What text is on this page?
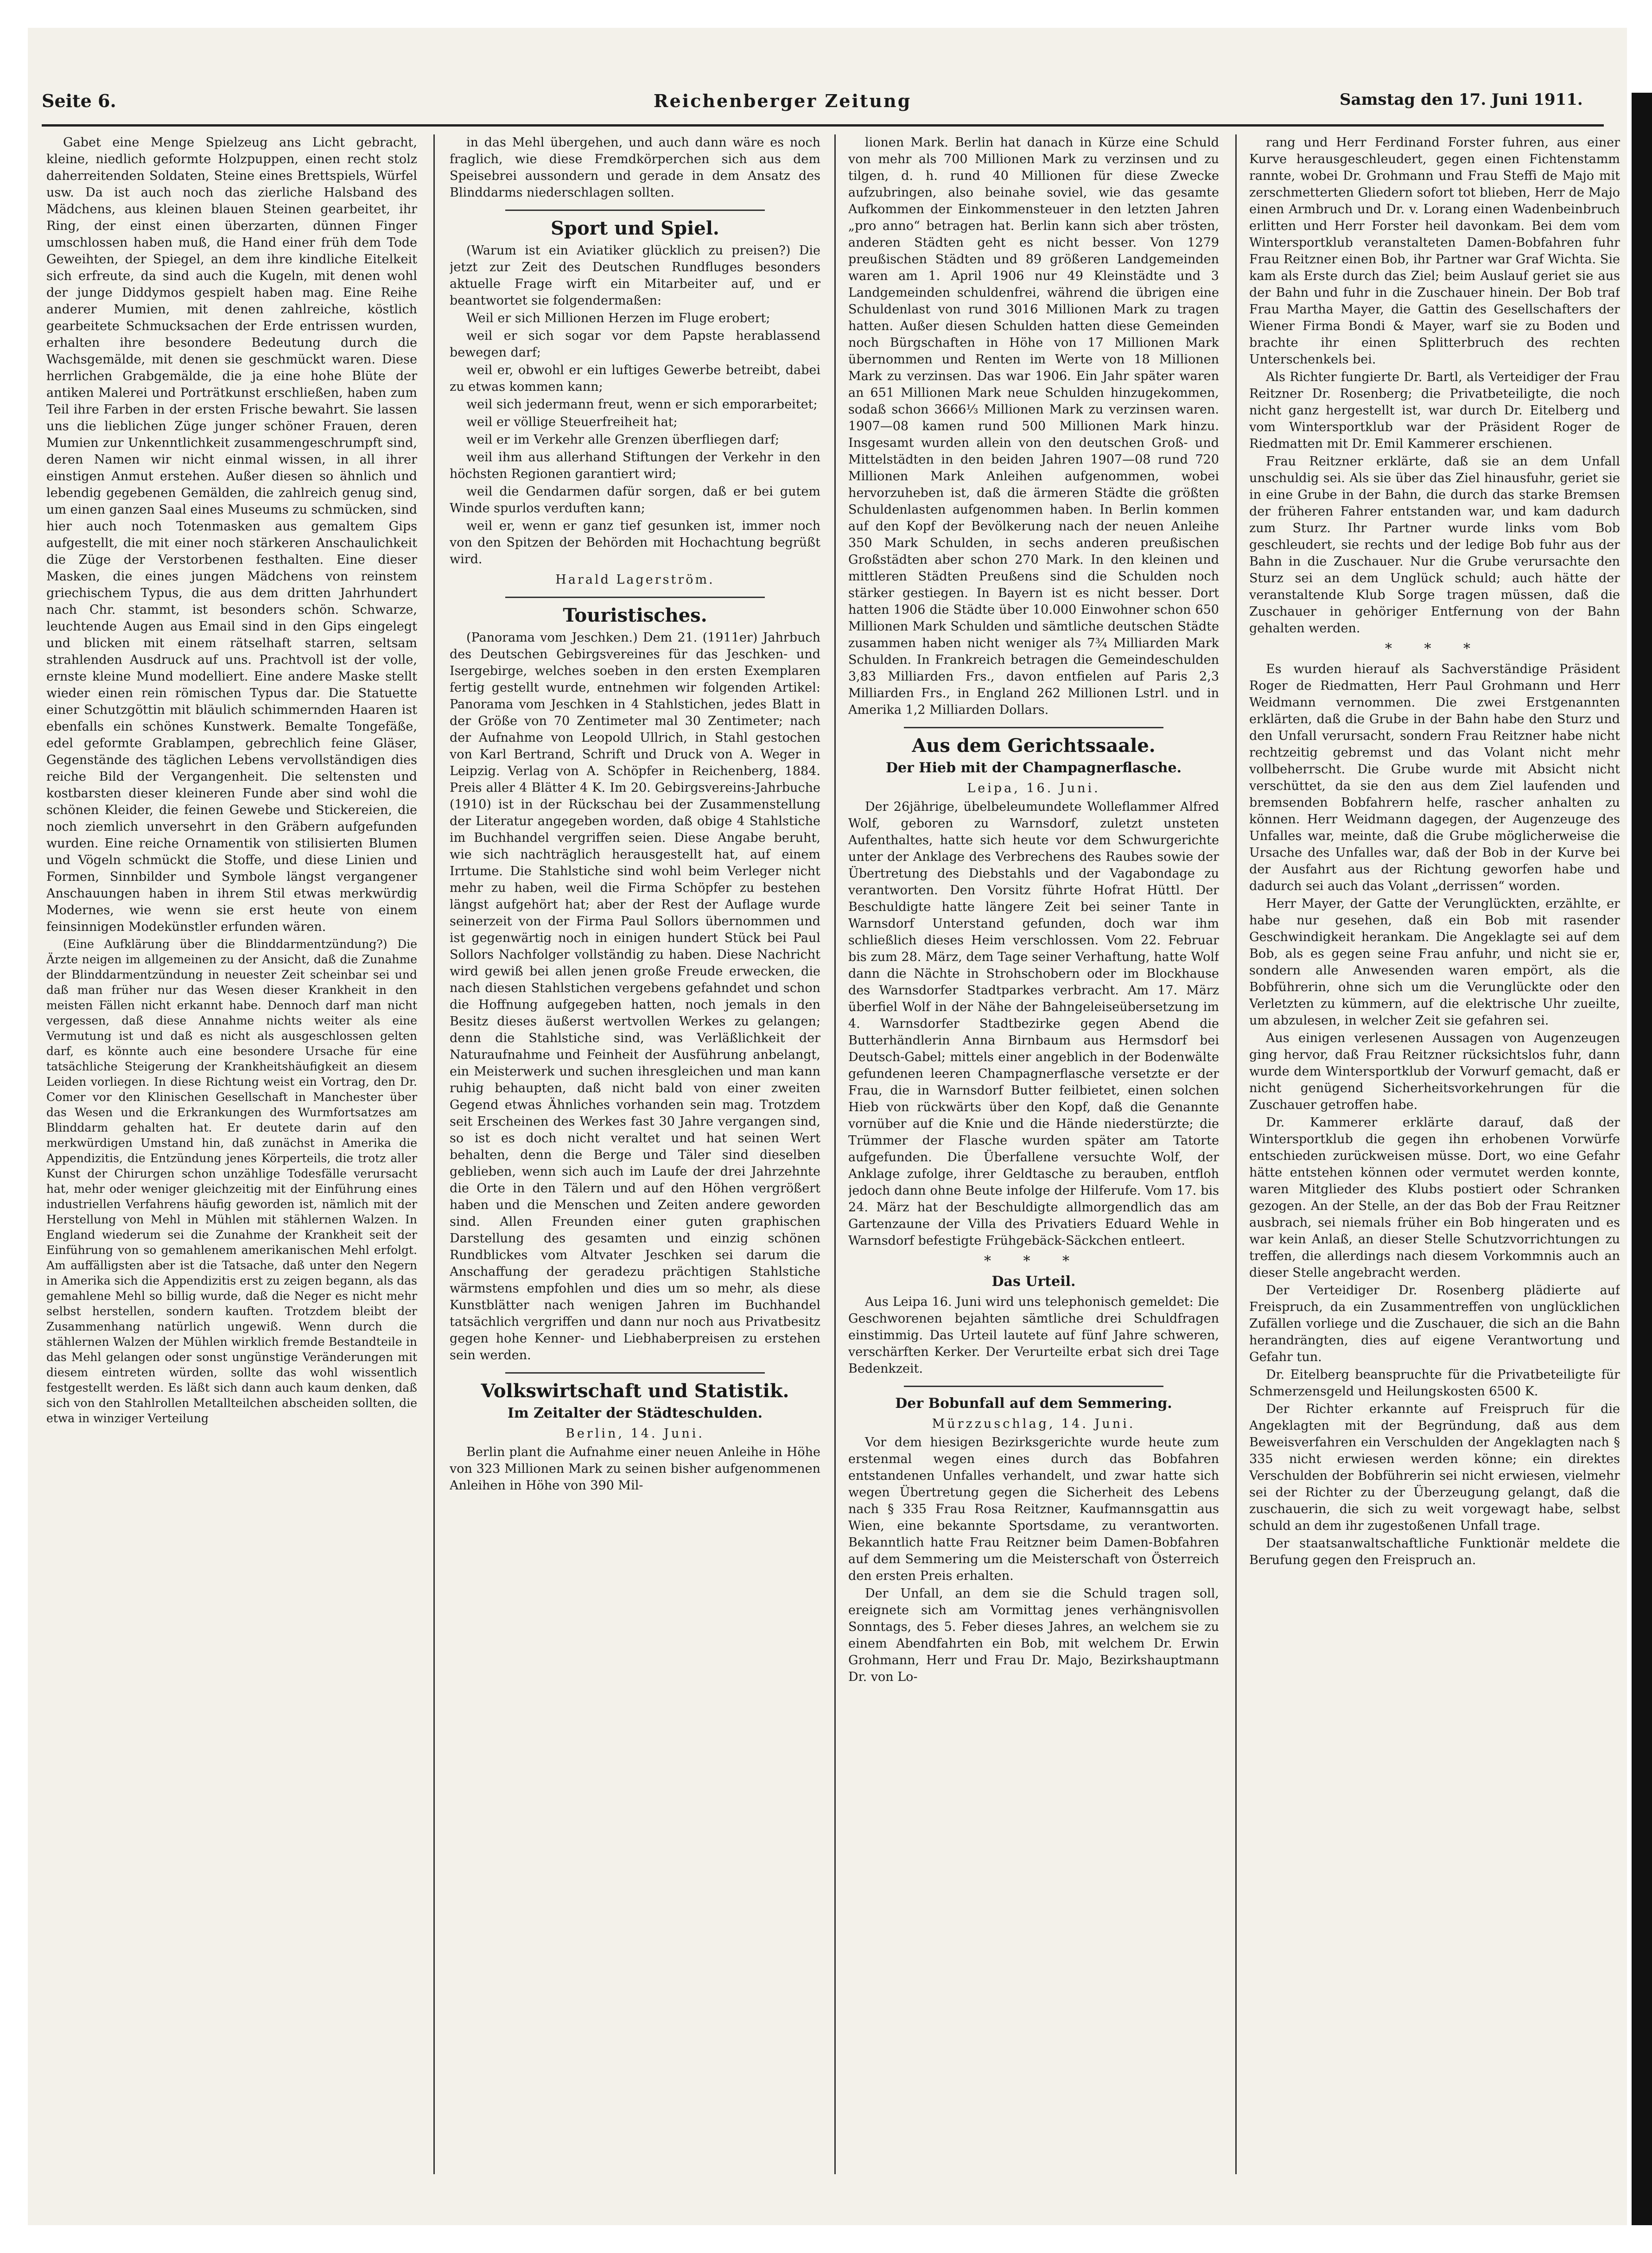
Seite 6.	Reichenberger Zeitung	Samstag den 17. Juni 1911.

Gabet eine Menge Spielzeug ans Licht gebracht, kleine, niedlich geformte Holzpuppen, einen recht stolz daherreitenden Soldaten, Steine eines Brettspiels, Würfel usw. Da ist auch noch das zierliche Halsband des Mädchens, aus kleinen blauen Steinen gearbeitet, ihr Ring, der einst einen überzarten, dünnen Finger umschlossen haben muß, die Hand einer früh dem Tode Geweihten, der Spiegel, an dem ihre kindliche Eitelkeit sich erfreute, da sind auch die Kugeln, mit denen wohl der junge Diddymos gespielt haben mag. Eine Reihe anderer Mumien, mit denen zahlreiche, köstlich gearbeitete Schmucksachen der Erde entrissen wurden, erhalten ihre besondere Bedeutung durch die Wachsgemälde, mit denen sie geschmückt waren. Diese herrlichen Grabgemälde, die ja eine hohe Blüte der antiken Malerei und Porträtkunst erschließen, haben zum Teil ihre Farben in der ersten Frische bewahrt. Sie lassen uns die lieblichen Züge junger schöner Frauen, deren Mumien zur Unkenntlichkeit zusammengeschrumpft sind, deren Namen wir nicht einmal wissen, in all ihrer einstigen Anmut erstehen. Außer diesen so ähnlich und lebendig gegebenen Gemälden, die zahlreich genug sind, um einen ganzen Saal eines Museums zu schmücken, sind hier auch noch Totenmasken aus gemaltem Gips aufgestellt, die mit einer noch stärkeren Anschaulichkeit die Züge der Verstorbenen festhalten. Eine dieser Masken, die eines jungen Mädchens von reinstem griechischem Typus, die aus dem dritten Jahrhundert nach Chr. stammt, ist besonders schön. Schwarze, leuchtende Augen aus Email sind in den Gips eingelegt und blicken mit einem rätselhaft starren, seltsam strahlenden Ausdruck auf uns. Prachtvoll ist der volle, ernste kleine Mund modelliert. Eine andere Maske stellt wieder einen rein römischen Typus dar. Die Statuette einer Schutzgöttin mit bläulich schimmernden Haaren ist ebenfalls ein schönes Kunstwerk. Bemalte Tongefäße, edel geformte Grablampen, gebrechlich feine Gläser, Gegenstände des täglichen Lebens vervollständigen dies reiche Bild der Vergangenheit. Die seltensten und kostbarsten dieser kleineren Funde aber sind wohl die schönen Kleider, die feinen Gewebe und Stickereien, die noch ziemlich unversehrt in den Gräbern aufgefunden wurden. Eine reiche Ornamentik von stilisierten Blumen und Vögeln schmückt die Stoffe, und diese Linien und Formen, Sinnbilder und Symbole längst vergangener Anschauungen haben in ihrem Stil etwas merkwürdig Modernes, wie wenn sie erst heute von einem feinsinnigen Modekünstler erfunden wären.

(Eine Aufklärung über die Blinddarmentzündung?) Die Ärzte neigen im allgemeinen zu der Ansicht, daß die Zunahme der Blinddarmentzündung in neuester Zeit scheinbar sei und daß man früher nur das Wesen dieser Krankheit in den meisten Fällen nicht erkannt habe. Dennoch darf man nicht vergessen, daß diese Annahme nichts weiter als eine Vermutung ist und daß es nicht als ausgeschlossen gelten darf, es könnte auch eine besondere Ursache für eine tatsächliche Steigerung der Krankheitshäufigkeit an diesem Leiden vorliegen. In diese Richtung weist ein Vortrag, den Dr. Comer vor den Klinischen Gesellschaft in Manchester über das Wesen und die Erkrankungen des Wurmfortsatzes am Blinddarm gehalten hat. Er deutete darin auf den merkwürdigen Umstand hin, daß zunächst in Amerika die Appendizitis, die Entzündung jenes Körperteils, die trotz aller Kunst der Chirurgen schon unzählige Todesfälle verursacht hat, mehr oder weniger gleichzeitig mit der Einführung eines industriellen Verfahrens häufig geworden ist, nämlich mit der Herstellung von Mehl in Mühlen mit stählernen Walzen. In England wiederum sei die Zunahme der Krankheit seit der Einführung von so gemahlenem amerikanischen Mehl erfolgt. Am auffälligsten aber ist die Tatsache, daß unter den Negern in Amerika sich die Appendizitis erst zu zeigen begann, als das gemahlene Mehl so billig wurde, daß die Neger es nicht mehr selbst herstellen, sondern kauften. Trotzdem bleibt der Zusammenhang natürlich ungewiß. Wenn durch die stählernen Walzen der Mühlen wirklich fremde Bestandteile in das Mehl gelangen oder sonst ungünstige Veränderungen mit diesem eintreten würden, sollte das wohl wissentlich festgestellt werden. Es läßt sich dann auch kaum denken, daß sich von den Stahlrollen Metallteilchen abscheiden sollten, die etwa in winziger Verteilung

in das Mehl übergehen, und auch dann wäre es noch fraglich, wie diese Fremdkörperchen sich aus dem Speisebrei aussondern und gerade in dem Ansatz des Blinddarms niederschlagen sollten.

Sport und Spiel.

(Warum ist ein Aviatiker glücklich zu preisen?) Die jetzt zur Zeit des Deutschen Rundfluges besonders aktuelle Frage wirft ein Mitarbeiter auf, und er beantwortet sie folgendermaßen:

Weil er sich Millionen Herzen im Fluge erobert;

weil er sich sogar vor dem Papste herablassend bewegen darf;

weil er, obwohl er ein luftiges Gewerbe betreibt, dabei zu etwas kommen kann;

weil sich jedermann freut, wenn er sich emporarbeitet;

weil er völlige Steuerfreiheit hat;

weil er im Verkehr alle Grenzen überfliegen darf;

weil ihm aus allerhand Stiftungen der Verkehr in den höchsten Regionen garantiert wird;

weil die Gendarmen dafür sorgen, daß er bei gutem Winde spurlos verduften kann;

weil er, wenn er ganz tief gesunken ist, immer noch von den Spitzen der Behörden mit Hochachtung begrüßt wird.

Harald Lagerström.
Touristisches.

(Panorama vom Jeschken.) Dem 21. (1911er) Jahrbuch des Deutschen Gebirgsvereines für das Jeschken- und Isergebirge, welches soeben in den ersten Exemplaren fertig gestellt wurde, entnehmen wir folgenden Artikel: Panorama vom Jeschken in 4 Stahlstichen, jedes Blatt in der Größe von 70 Zentimeter mal 30 Zentimeter; nach der Aufnahme von Leopold Ullrich, in Stahl gestochen von Karl Bertrand, Schrift und Druck von A. Weger in Leipzig. Verlag von A. Schöpfer in Reichenberg, 1884. Preis aller 4 Blätter 4 K. Im 20. Gebirgsvereins-Jahrbuche (1910) ist in der Rückschau bei der Zusammenstellung der Literatur angegeben worden, daß obige 4 Stahlstiche im Buchhandel vergriffen seien. Diese Angabe beruht, wie sich nachträglich herausgestellt hat, auf einem Irrtume. Die Stahlstiche sind wohl beim Verleger nicht mehr zu haben, weil die Firma Schöpfer zu bestehen längst aufgehört hat; aber der Rest der Auflage wurde seinerzeit von der Firma Paul Sollors übernommen und ist gegenwärtig noch in einigen hundert Stück bei Paul Sollors Nachfolger vollständig zu haben. Diese Nachricht wird gewiß bei allen jenen große Freude erwecken, die nach diesen Stahlstichen vergebens gefahndet und schon die Hoffnung aufgegeben hatten, noch jemals in den Besitz dieses äußerst wertvollen Werkes zu gelangen; denn die Stahlstiche sind, was Verläßlichkeit der Naturaufnahme und Feinheit der Ausführung anbelangt, ein Meisterwerk und suchen ihresgleichen und man kann ruhig behaupten, daß nicht bald von einer zweiten Gegend etwas Ähnliches vorhanden sein mag. Trotzdem seit Erscheinen des Werkes fast 30 Jahre vergangen sind, so ist es doch nicht veraltet und hat seinen Wert behalten, denn die Berge und Täler sind dieselben geblieben, wenn sich auch im Laufe der drei Jahrzehnte die Orte in den Tälern und auf den Höhen vergrößert haben und die Menschen und Zeiten andere geworden sind. Allen Freunden einer guten graphischen Darstellung des gesamten und einzig schönen Rundblickes vom Altvater Jeschken sei darum die Anschaffung der geradezu prächtigen Stahlstiche wärmstens empfohlen und dies um so mehr, als diese Kunstblätter nach wenigen Jahren im Buchhandel tatsächlich vergriffen und dann nur noch aus Privatbesitz gegen hohe Kenner- und Liebhaberpreisen zu erstehen sein werden.

Volkswirtschaft und Statistik.
Im Zeitalter der Städteschulden.
Berlin, 14. Juni.

Berlin plant die Aufnahme einer neuen Anleihe in Höhe von 323 Millionen Mark zu seinen bisher aufgenommenen Anleihen in Höhe von 390 Mil-

lionen Mark. Berlin hat danach in Kürze eine Schuld von mehr als 700 Millionen Mark zu verzinsen und zu tilgen, d. h. rund 40 Millionen für diese Zwecke aufzubringen, also beinahe soviel, wie das gesamte Aufkommen der Einkommensteuer in den letzten Jahren „pro anno“ betragen hat. Berlin kann sich aber trösten, anderen Städten geht es nicht besser. Von 1279 preußischen Städten und 89 größeren Landgemeinden waren am 1. April 1906 nur 49 Kleinstädte und 3 Landgemeinden schuldenfrei, während die übrigen eine Schuldenlast von rund 3016 Millionen Mark zu tragen hatten. Außer diesen Schulden hatten diese Gemeinden noch Bürgschaften in Höhe von 17 Millionen Mark übernommen und Renten im Werte von 18 Millionen Mark zu verzinsen. Das war 1906. Ein Jahr später waren an 651 Millionen Mark neue Schulden hinzugekommen, sodaß schon 3666⅓ Millionen Mark zu verzinsen waren. 1907—08 kamen rund 500 Millionen Mark hinzu. Insgesamt wurden allein von den deutschen Groß- und Mittelstädten in den beiden Jahren 1907—08 rund 720 Millionen Mark Anleihen aufgenommen, wobei hervorzuheben ist, daß die ärmeren Städte die größten Schuldenlasten aufgenommen haben. In Berlin kommen auf den Kopf der Bevölkerung nach der neuen Anleihe 350 Mark Schulden, in sechs anderen preußischen Großstädten aber schon 270 Mark. In den kleinen und mittleren Städten Preußens sind die Schulden noch stärker gestiegen. In Bayern ist es nicht besser. Dort hatten 1906 die Städte über 10.000 Einwohner schon 650 Millionen Mark Schulden und sämtliche deutschen Städte zusammen haben nicht weniger als 7¾ Milliarden Mark Schulden. In Frankreich betragen die Gemeindeschulden 3,83 Milliarden Frs., davon entfielen auf Paris 2,3 Milliarden Frs., in England 262 Millionen Lstrl. und in Amerika 1,2 Milliarden Dollars.

Aus dem Gerichtssaale.
Der Hieb mit der Champagnerflasche.
Leipa, 16. Juni.

Der 26jährige, übelbeleumundete Wolleflammer Alfred Wolf, geboren zu Warnsdorf, zuletzt unsteten Aufenthaltes, hatte sich heute vor dem Schwurgerichte unter der Anklage des Verbrechens des Raubes sowie der Übertretung des Diebstahls und der Vagabondage zu verantworten. Den Vorsitz führte Hofrat Hüttl. Der Beschuldigte hatte längere Zeit bei seiner Tante in Warnsdorf Unterstand gefunden, doch war ihm schließlich dieses Heim verschlossen. Vom 22. Februar bis zum 28. März, dem Tage seiner Verhaftung, hatte Wolf dann die Nächte in Strohschobern oder im Blockhause des Warnsdorfer Stadtparkes verbracht. Am 17. März überfiel Wolf in der Nähe der Bahngeleiseübersetzung im 4. Warnsdorfer Stadtbezirke gegen Abend die Butterhändlerin Anna Birnbaum aus Hermsdorf bei Deutsch-Gabel; mittels einer angeblich in der Bodenwälte gefundenen leeren Champagnerflasche versetzte er der Frau, die in Warnsdorf Butter feilbietet, einen solchen Hieb von rückwärts über den Kopf, daß die Genannte vornüber auf die Knie und die Hände niederstürzte; die Trümmer der Flasche wurden später am Tatorte aufgefunden. Die Überfallene versuchte Wolf, der Anklage zufolge, ihrer Geldtasche zu berauben, entfloh jedoch dann ohne Beute infolge der Hilferufe. Vom 17. bis 24. März hat der Beschuldigte allmorgendlich das am Gartenzaune der Villa des Privatiers Eduard Wehle in Warnsdorf befestigte Frühgebäck-Säckchen entleert.

* * *
Das Urteil.

Aus Leipa 16. Juni wird uns telephonisch gemeldet: Die Geschworenen bejahten sämtliche drei Schuldfragen einstimmig. Das Urteil lautete auf fünf Jahre schweren, verschärften Kerker. Der Verurteilte erbat sich drei Tage Bedenkzeit.

Der Bobunfall auf dem Semmering.
Mürzzuschlag, 14. Juni.

Vor dem hiesigen Bezirksgerichte wurde heute zum erstenmal wegen eines durch das Bobfahren entstandenen Unfalles verhandelt, und zwar hatte sich wegen Übertretung gegen die Sicherheit des Lebens nach § 335 Frau Rosa Reitzner, Kaufmannsgattin aus Wien, eine bekannte Sportsdame, zu verantworten. Bekanntlich hatte Frau Reitzner beim Damen-Bobfahren auf dem Semmering um die Meisterschaft von Österreich den ersten Preis erhalten.

Der Unfall, an dem sie die Schuld tragen soll, ereignete sich am Vormittag jenes verhängnisvollen Sonntags, des 5. Feber dieses Jahres, an welchem sie zu einem Abendfahrten ein Bob, mit welchem Dr. Erwin Grohmann, Herr und Frau Dr. Majo, Bezirkshauptmann Dr. von Lo-

rang und Herr Ferdinand Forster fuhren, aus einer Kurve herausgeschleudert, gegen einen Fichtenstamm rannte, wobei Dr. Grohmann und Frau Steffi de Majo mit zerschmetterten Gliedern sofort tot blieben, Herr de Majo einen Armbruch und Dr. v. Lorang einen Wadenbeinbruch erlitten und Herr Forster heil davonkam. Bei dem vom Wintersportklub veranstalteten Damen-Bobfahren fuhr Frau Reitzner einen Bob, ihr Partner war Graf Wichta. Sie kam als Erste durch das Ziel; beim Auslauf geriet sie aus der Bahn und fuhr in die Zuschauer hinein. Der Bob traf Frau Martha Mayer, die Gattin des Gesellschafters der Wiener Firma Bondi & Mayer, warf sie zu Boden und brachte ihr einen Splitterbruch des rechten Unterschenkels bei.

Als Richter fungierte Dr. Bartl, als Verteidiger der Frau Reitzner Dr. Rosenberg; die Privatbeteiligte, die noch nicht ganz hergestellt ist, war durch Dr. Eitelberg und vom Wintersportklub war der Präsident Roger de Riedmatten mit Dr. Emil Kammerer erschienen.

Frau Reitzner erklärte, daß sie an dem Unfall unschuldig sei. Als sie über das Ziel hinausfuhr, geriet sie in eine Grube in der Bahn, die durch das starke Bremsen der früheren Fahrer entstanden war, und kam dadurch zum Sturz. Ihr Partner wurde links vom Bob geschleudert, sie rechts und der ledige Bob fuhr aus der Bahn in die Zuschauer. Nur die Grube verursachte den Sturz sei an dem Unglück schuld; auch hätte der veranstaltende Klub Sorge tragen müssen, daß die Zuschauer in gehöriger Entfernung von der Bahn gehalten werden.

* * *

Es wurden hierauf als Sachverständige Präsident Roger de Riedmatten, Herr Paul Grohmann und Herr Weidmann vernommen. Die zwei Erstgenannten erklärten, daß die Grube in der Bahn habe den Sturz und den Unfall verursacht, sondern Frau Reitzner habe nicht rechtzeitig gebremst und das Volant nicht mehr vollbeherrscht. Die Grube wurde mit Absicht nicht verschüttet, da sie den aus dem Ziel laufenden und bremsenden Bobfahrern helfe, rascher anhalten zu können. Herr Weidmann dagegen, der Augenzeuge des Unfalles war, meinte, daß die Grube möglicherweise die Ursache des Unfalles war, daß der Bob in der Kurve bei der Ausfahrt aus der Richtung geworfen habe und dadurch sei auch das Volant „derrissen“ worden.

Herr Mayer, der Gatte der Verunglückten, erzählte, er habe nur gesehen, daß ein Bob mit rasender Geschwindigkeit herankam. Die Angeklagte sei auf dem Bob, als es gegen seine Frau anfuhr, und nicht sie er, sondern alle Anwesenden waren empört, als die Bobführerin, ohne sich um die Verunglückte oder den Verletzten zu kümmern, auf die elektrische Uhr zueilte, um abzulesen, in welcher Zeit sie gefahren sei.

Aus einigen verlesenen Aussagen von Augenzeugen ging hervor, daß Frau Reitzner rücksichtslos fuhr, dann wurde dem Wintersportklub der Vorwurf gemacht, daß er nicht genügend Sicherheitsvorkehrungen für die Zuschauer getroffen habe.

Dr. Kammerer erklärte darauf, daß der Wintersportklub die gegen ihn erhobenen Vorwürfe entschieden zurückweisen müsse. Dort, wo eine Gefahr hätte entstehen können oder vermutet werden konnte, waren Mitglieder des Klubs postiert oder Schranken gezogen. An der Stelle, an der das Bob der Frau Reitzner ausbrach, sei niemals früher ein Bob hingeraten und es war kein Anlaß, an dieser Stelle Schutzvorrichtungen zu treffen, die allerdings nach diesem Vorkommnis auch an dieser Stelle angebracht werden.

Der Verteidiger Dr. Rosenberg plädierte auf Freispruch, da ein Zusammentreffen von unglücklichen Zufällen vorliege und die Zuschauer, die sich an die Bahn herandrängten, dies auf eigene Verantwortung und Gefahr tun.

Dr. Eitelberg beanspruchte für die Privatbeteiligte für Schmerzensgeld und Heilungskosten 6500 K.

Der Richter erkannte auf Freispruch für die Angeklagten mit der Begründung, daß aus dem Beweisverfahren ein Verschulden der Angeklagten nach § 335 nicht erwiesen werden könne; ein direktes Verschulden der Bobführerin sei nicht erwiesen, vielmehr sei der Richter zu der Überzeugung gelangt, daß die zuschauerin, die sich zu weit vorgewagt habe, selbst schuld an dem ihr zugestoßenen Unfall trage.

Der staatsanwaltschaftliche Funktionär meldete die Berufung gegen den Freispruch an.
